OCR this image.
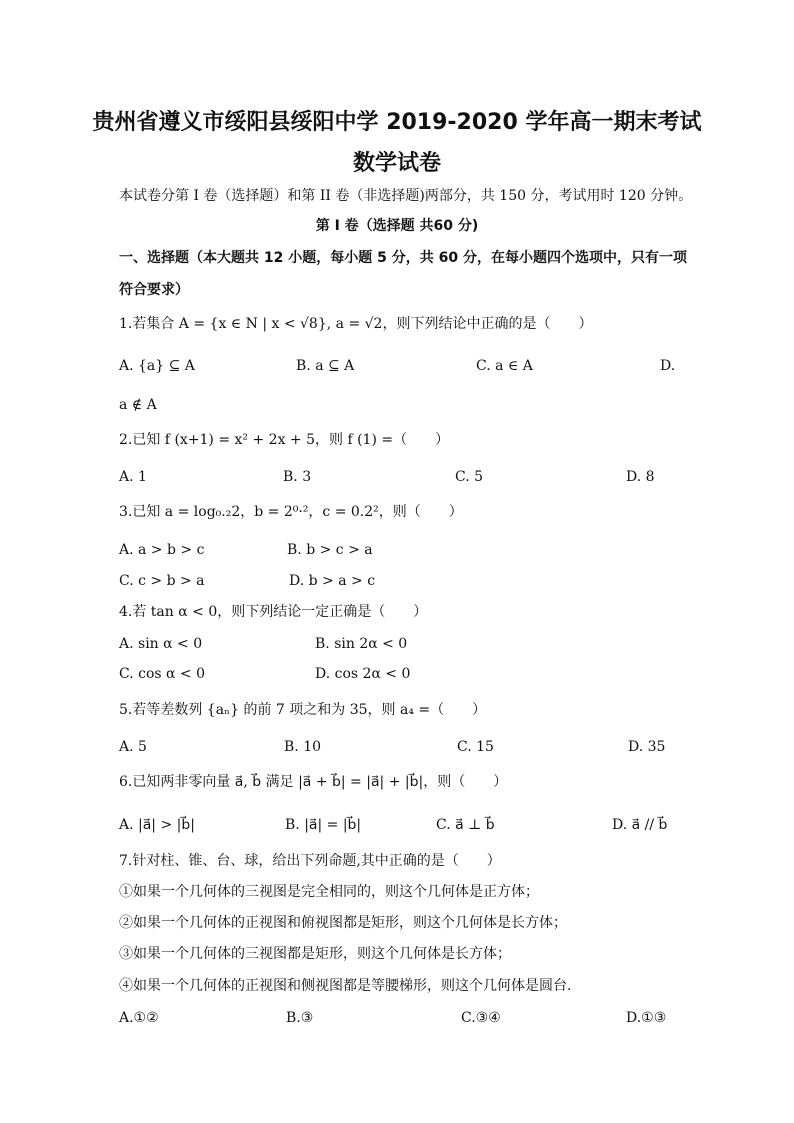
贵州省遵义市绥阳县绥阳中学 2019-2020 学年高一期末考试
数学试卷
本试卷分第 I 卷（选择题）和第 II 卷（非选择题)两部分，共 150 分，考试用时 120 分钟。
第 I 卷（选择题 共60 分)
一、选择题（本大题共 12 小题，每小题 5 分，共 60 分，在每小题四个选项中，只有一项
符合要求）
1.若集合 A = {x ∈ N | x < √8}, a = √2，则下列结论中正确的是（　　）
A. {a} ⊆ A	B. a ⊆ A	C. a ∈ A	D.
a ∉ A
2.已知 f (x+1) = x² + 2x + 5，则 f (1) =（　　）
A. 1	B. 3	C. 5	D. 8
3.已知 a = log₀.₂2，b = 2⁰·²，c = 0.2²，则（　　）
A. a > b > c	B. b > c > a
C. c > b > a	D. b > a > c
4.若 tan α < 0，则下列结论一定正确是（　　）
A. sin α < 0	B. sin 2α < 0
C. cos α < 0	D. cos 2α < 0
5.若等差数列 {aₙ} 的前 7 项之和为 35，则 a₄ =（　　）
A. 5	B. 10	C. 15	D. 35
6.已知两非零向量 a⃗, b⃗ 满足 |a⃗ + b⃗| = |a⃗| + |b⃗|，则（　　）
A. |a⃗| > |b⃗|	B. |a⃗| = |b⃗|	C. a⃗ ⊥ b⃗	D. a⃗ // b⃗
7.针对柱、锥、台、球，给出下列命题,其中正确的是（　　）
①如果一个几何体的三视图是完全相同的，则这个几何体是正方体；
②如果一个几何体的正视图和俯视图都是矩形，则这个几何体是长方体；
③如果一个几何体的三视图都是矩形，则这个几何体是长方体；
④如果一个几何体的正视图和侧视图都是等腰梯形，则这个几何体是圆台.
A.①②	B.③	C.③④	D.①③
